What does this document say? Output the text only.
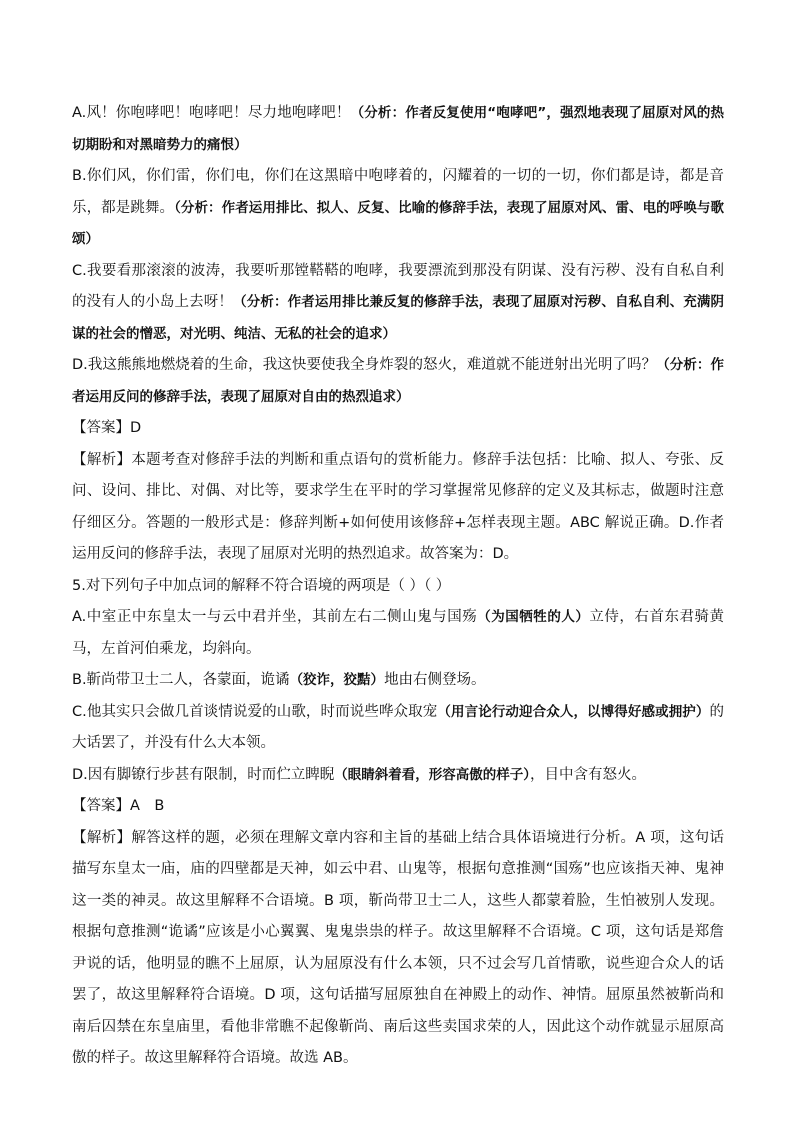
A.风！你咆哮吧！咆哮吧！尽力地咆哮吧！（分析：作者反复使用“咆哮吧”，强烈地表现了屈原对风的热切期盼和对黑暗势力的痛恨）

B.你们风，你们雷，你们电，你们在这黑暗中咆哮着的，闪耀着的一切的一切，你们都是诗，都是音乐，都是跳舞。（分析：作者运用排比、拟人、反复、比喻的修辞手法，表现了屈原对风、雷、电的呼唤与歌颂）

C.我要看那滚滚的波涛，我要听那镗鞳鞳的咆哮，我要漂流到那没有阴谋、没有污秽、没有自私自利的没有人的小岛上去呀！（分析：作者运用排比兼反复的修辞手法，表现了屈原对污秽、自私自利、充满阴谋的社会的憎恶，对光明、纯洁、无私的社会的追求）

D.我这熊熊地燃烧着的生命，我这快要使我全身炸裂的怒火，难道就不能迸射出光明了吗？（分析：作者运用反问的修辞手法，表现了屈原对自由的热烈追求）

【答案】D

【解析】本题考查对修辞手法的判断和重点语句的赏析能力。修辞手法包括：比喻、拟人、夸张、反问、设问、排比、对偶、对比等，要求学生在平时的学习掌握常见修辞的定义及其标志，做题时注意仔细区分。答题的一般形式是：修辞判断+如何使用该修辞+怎样表现主题。ABC 解说正确。D.作者运用反问的修辞手法，表现了屈原对光明的热烈追求。故答案为：D。

5.对下列句子中加点词的解释不符合语境的两项是（ ）（ ）

A.中室正中东皇太一与云中君并坐，其前左右二侧山鬼与国殇（为国牺牲的人）立侍，右首东君骑黄马，左首河伯乘龙，均斜向。

B.靳尚带卫士二人，各蒙面，诡谲（狡诈，狡黠）地由右侧登场。

C.他其实只会做几首谈情说爱的山歌，时而说些哗众取宠（用言论行动迎合众人，以博得好感或拥护）的大话罢了，并没有什么大本领。

D.因有脚镣行步甚有限制，时而伫立睥睨（眼睛斜着看，形容高傲的样子），目中含有怒火。

【答案】A　B

【解析】解答这样的题，必须在理解文章内容和主旨的基础上结合具体语境进行分析。A 项，这句话描写东皇太一庙，庙的四壁都是天神，如云中君、山鬼等，根据句意推测“国殇”也应该指天神、鬼神这一类的神灵。故这里解释不合语境。B 项，靳尚带卫士二人，这些人都蒙着脸，生怕被别人发现。根据句意推测“诡谲”应该是小心翼翼、鬼鬼祟祟的样子。故这里解释不合语境。C 项，这句话是郑詹尹说的话，他明显的瞧不上屈原，认为屈原没有什么本领，只不过会写几首情歌，说些迎合众人的话罢了，故这里解释符合语境。D 项，这句话描写屈原独自在神殿上的动作、神情。屈原虽然被靳尚和南后囚禁在东皇庙里，看他非常瞧不起像靳尚、南后这些卖国求荣的人，因此这个动作就显示屈原高傲的样子。故这里解释符合语境。故选 AB。
